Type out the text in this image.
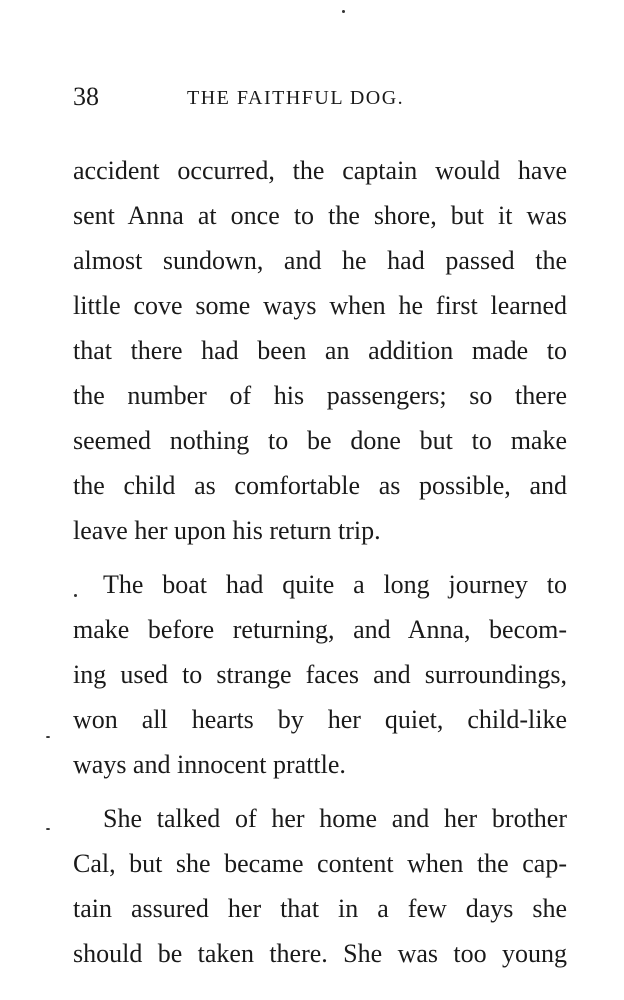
38	THE FAITHFUL DOG.
accident occurred, the captain would have
sent Anna at once to the shore, but it was
almost sundown, and he had passed the
little cove some ways when he first learned
that there had been an addition made to
the number of his passengers; so there
seemed nothing to be done but to make
the child as comfortable as possible, and
leave her upon his return trip.
The boat had quite a long journey to
make before returning, and Anna, becom-
ing used to strange faces and surroundings,
won all hearts by her quiet, child-like
ways and innocent prattle.
She talked of her home and her brother
Cal, but she became content when the cap-
tain assured her that in a few days she
should be taken there. She was too young
